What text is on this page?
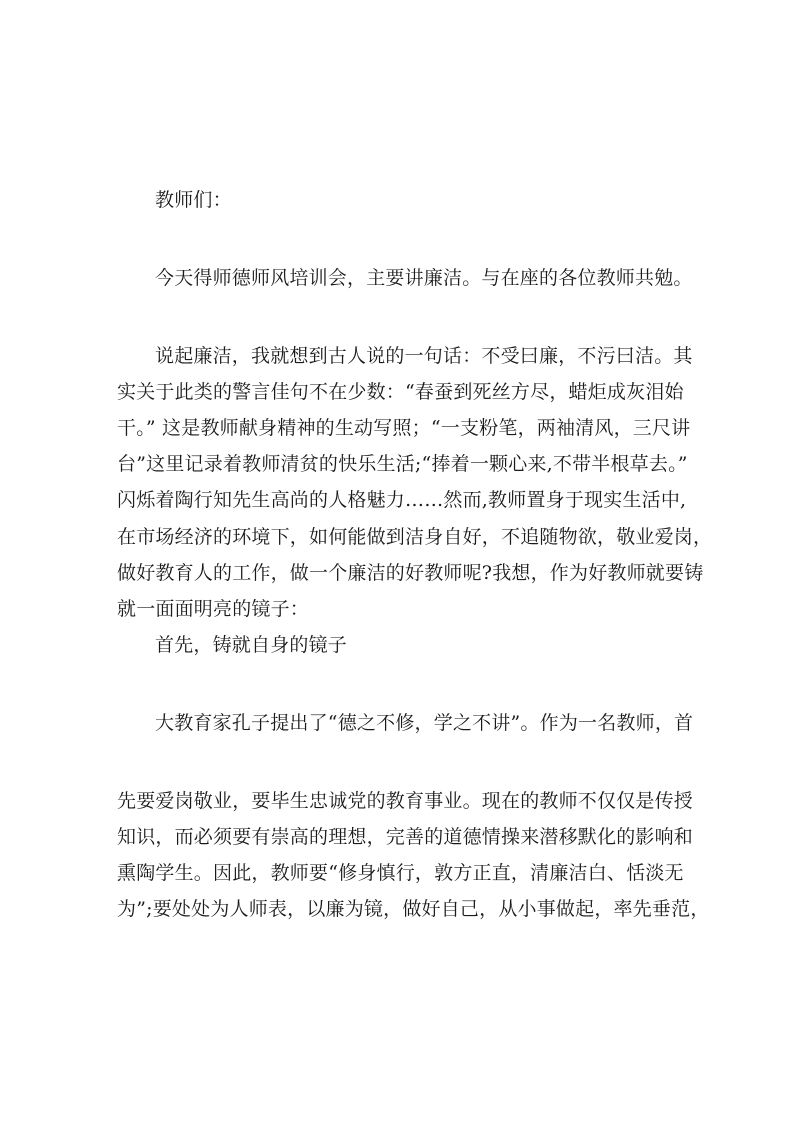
教师们：
今天得师德师风培训会，主要讲廉洁。与在座的各位教师共勉。
说起廉洁，我就想到古人说的一句话：不受曰廉，不污曰洁。其
实关于此类的警言佳句不在少数：“春蚕到死丝方尽，蜡炬成灰泪始
干。” 这是教师献身精神的生动写照；“一支粉笔，两袖清风，三尺讲
台”这里记录着教师清贫的快乐生活;“捧着一颗心来,不带半根草去。”
闪烁着陶行知先生高尚的人格魅力……然而,教师置身于现实生活中,
在市场经济的环境下，如何能做到洁身自好，不追随物欲，敬业爱岗，
做好教育人的工作，做一个廉洁的好教师呢?我想，作为好教师就要铸
就一面面明亮的镜子：
首先，铸就自身的镜子
大教育家孔子提出了“德之不修，学之不讲”。作为一名教师，首
先要爱岗敬业，要毕生忠诚党的教育事业。现在的教师不仅仅是传授
知识，而必须要有崇高的理想，完善的道德情操来潜移默化的影响和
熏陶学生。因此，教师要“修身慎行，敦方正直，清廉洁白、恬淡无
为”;要处处为人师表，以廉为镜，做好自己，从小事做起，率先垂范，
